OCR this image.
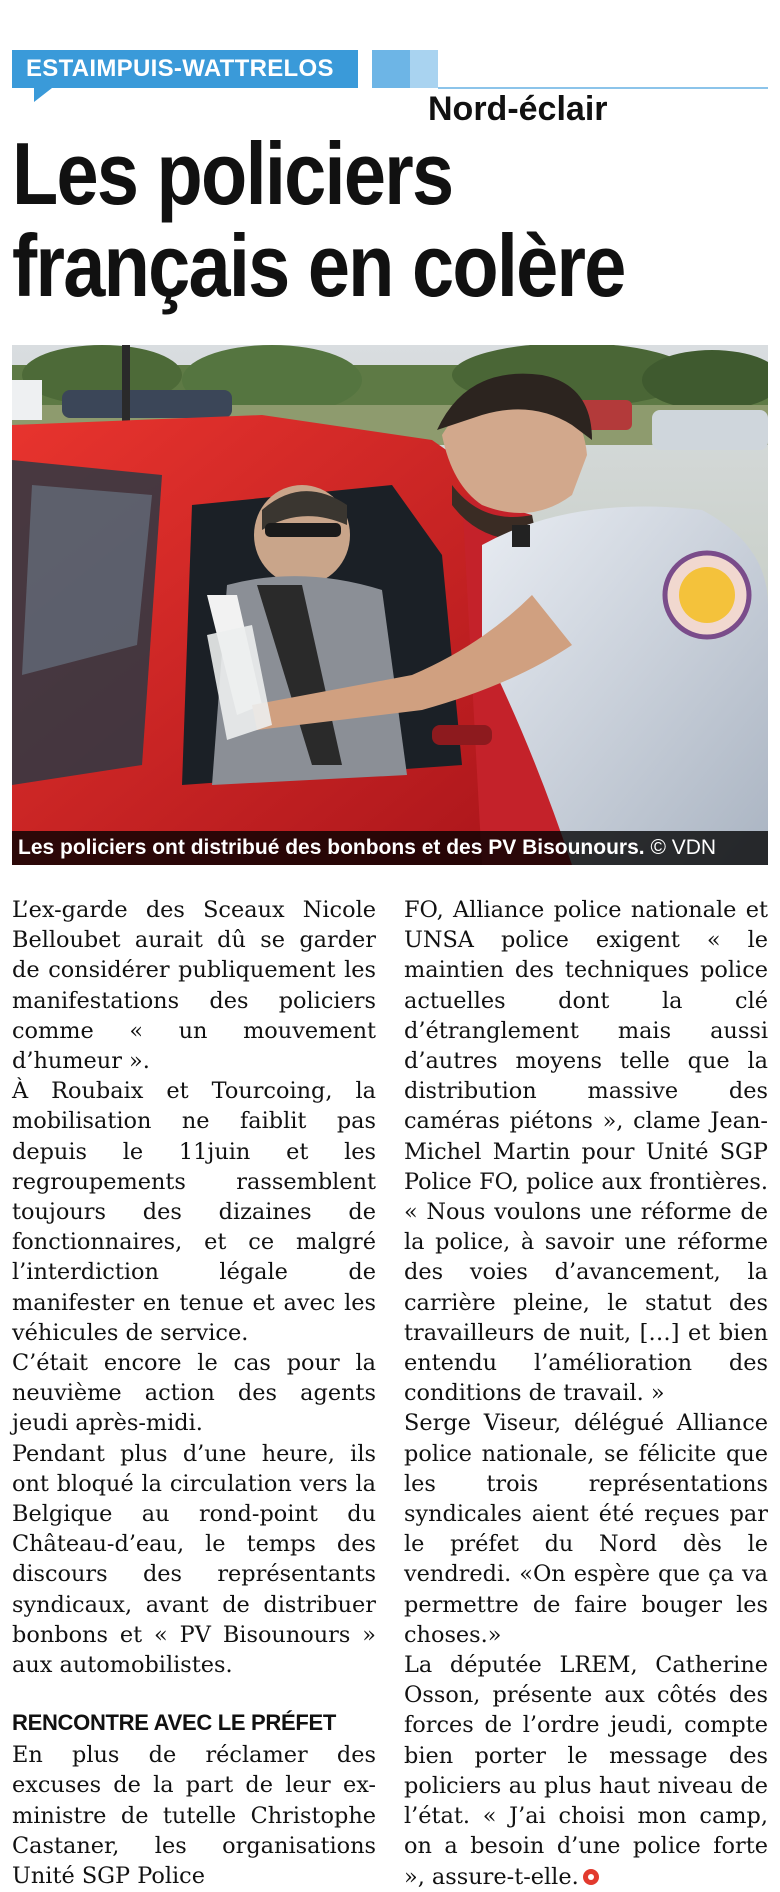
ESTAIMPUIS-WATTRELOS
Nord-éclair
Les policiers
français en colère
Les policiers ont distribué des bonbons et des PV Bisounours. © VDN

L’ex-garde des Sceaux Nicole Belloubet aurait dû se garder de considérer publiquement les manifestations des policiers comme « un mouvement d’humeur ».

À Roubaix et Tourcoing, la mobilisation ne faiblit pas depuis le 11juin et les regroupements rassemblent toujours des dizaines de fonctionnaires, et ce malgré l’interdiction légale de manifester en tenue et avec les véhicules de service.

C’était encore le cas pour la neuvième action des agents jeudi après-midi.

Pendant plus d’une heure, ils ont bloqué la circulation vers la Belgique au rond-point du Château-d’eau, le temps des discours des représentants syndicaux, avant de distribuer bonbons et « PV Bisounours » aux automobilistes.

RENCONTRE AVEC LE PRÉFET

En plus de réclamer des excuses de la part de leur ex-ministre de tutelle Christophe Castaner, les organisations Unité SGP Police

FO, Alliance police nationale et UNSA police exigent « le maintien des techniques police actuelles dont la clé d’étranglement mais aussi d’autres moyens telle que la distribution massive des caméras piétons », clame Jean-Michel Martin pour Unité SGP Police FO, police aux frontières. « Nous voulons une réforme de la police, à savoir une réforme des voies d’avancement, la carrière pleine, le statut des travailleurs de nuit, […] et bien entendu l’amélioration des conditions de travail. »

Serge Viseur, délégué Alliance police nationale, se félicite que les trois représentations syndicales aient été reçues par le préfet du Nord dès le vendredi. «On espère que ça va permettre de faire bouger les choses.»

La députée LREM, Catherine Osson, présente aux côtés des forces de l’ordre jeudi, compte bien porter le message des policiers au plus haut niveau de l’état. « J’ai choisi mon camp, on a besoin d’une police forte », assure-t-elle.
